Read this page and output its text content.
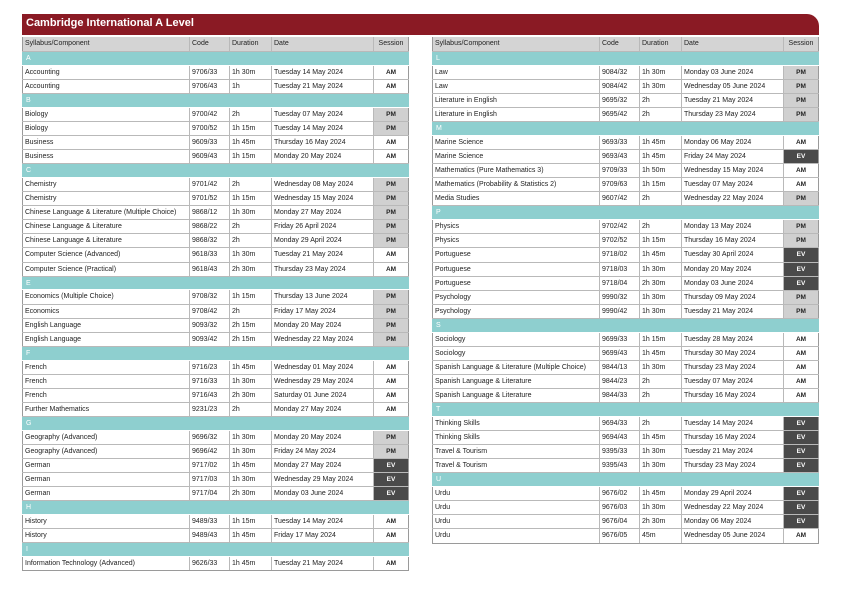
Cambridge International A Level
Syllabus/Component	Code	Duration	Date	Session
A
Accounting	9706/33	1h 30m	Tuesday 14 May 2024	AM
Accounting	9706/43	1h	Tuesday 21 May 2024	AM
B
Biology	9700/42	2h	Tuesday 07 May 2024	PM
Biology	9700/52	1h 15m	Tuesday 14 May 2024	PM
Business	9609/33	1h 45m	Thursday 16 May 2024	AM
Business	9609/43	1h 15m	Monday 20 May 2024	AM
C
Chemistry	9701/42	2h	Wednesday 08 May 2024	PM
Chemistry	9701/52	1h 15m	Wednesday 15 May 2024	PM
Chinese Language & Literature (Multiple Choice)	9868/12	1h 30m	Monday 27 May 2024	PM
Chinese Language & Literature	9868/22	2h	Friday 26 April 2024	PM
Chinese Language & Literature	9868/32	2h	Monday 29 April 2024	PM
Computer Science (Advanced)	9618/33	1h 30m	Tuesday 21 May 2024	AM
Computer Science (Practical)	9618/43	2h 30m	Thursday 23 May 2024	AM
E
Economics (Multiple Choice)	9708/32	1h 15m	Thursday 13 June 2024	PM
Economics	9708/42	2h	Friday 17 May 2024	PM
English Language	9093/32	2h 15m	Monday 20 May 2024	PM
English Language	9093/42	2h 15m	Wednesday 22 May 2024	PM
F
French	9716/23	1h 45m	Wednesday 01 May 2024	AM
French	9716/33	1h 30m	Wednesday 29 May 2024	AM
French	9716/43	2h 30m	Saturday 01 June 2024	AM
Further Mathematics	9231/23	2h	Monday 27 May 2024	AM
G
Geography (Advanced)	9696/32	1h 30m	Monday 20 May 2024	PM
Geography (Advanced)	9696/42	1h 30m	Friday 24 May 2024	PM
German	9717/02	1h 45m	Monday 27 May 2024	EV
German	9717/03	1h 30m	Wednesday 29 May 2024	EV
German	9717/04	2h 30m	Monday 03 June 2024	EV
H
History	9489/33	1h 15m	Tuesday 14 May 2024	AM
History	9489/43	1h 45m	Friday 17 May 2024	AM
I
Information Technology (Advanced)	9626/33	1h 45m	Tuesday 21 May 2024	AM
Syllabus/Component	Code	Duration	Date	Session
L
Law	9084/32	1h 30m	Monday 03 June 2024	PM
Law	9084/42	1h 30m	Wednesday 05 June 2024	PM
Literature in English	9695/32	2h	Tuesday 21 May 2024	PM
Literature in English	9695/42	2h	Thursday 23 May 2024	PM
M
Marine Science	9693/33	1h 45m	Monday 06 May 2024	AM
Marine Science	9693/43	1h 45m	Friday 24 May 2024	EV
Mathematics (Pure Mathematics 3)	9709/33	1h 50m	Wednesday 15 May 2024	AM
Mathematics (Probability & Statistics 2)	9709/63	1h 15m	Tuesday 07 May 2024	AM
Media Studies	9607/42	2h	Wednesday 22 May 2024	PM
P
Physics	9702/42	2h	Monday 13 May 2024	PM
Physics	9702/52	1h 15m	Thursday 16 May 2024	PM
Portuguese	9718/02	1h 45m	Tuesday 30 April 2024	EV
Portuguese	9718/03	1h 30m	Monday 20 May 2024	EV
Portuguese	9718/04	2h 30m	Monday 03 June 2024	EV
Psychology	9990/32	1h 30m	Thursday 09 May 2024	PM
Psychology	9990/42	1h 30m	Tuesday 21 May 2024	PM
S
Sociology	9699/33	1h 15m	Tuesday 28 May 2024	AM
Sociology	9699/43	1h 45m	Thursday 30 May 2024	AM
Spanish Language & Literature (Multiple Choice)	9844/13	1h 30m	Thursday 23 May 2024	AM
Spanish Language & Literature	9844/23	2h	Tuesday 07 May 2024	AM
Spanish Language & Literature	9844/33	2h	Thursday 16 May 2024	AM
T
Thinking Skills	9694/33	2h	Tuesday 14 May 2024	EV
Thinking Skills	9694/43	1h 45m	Thursday 16 May 2024	EV
Travel & Tourism	9395/33	1h 30m	Tuesday 21 May 2024	EV
Travel & Tourism	9395/43	1h 30m	Thursday 23 May 2024	EV
U
Urdu	9676/02	1h 45m	Monday 29 April 2024	EV
Urdu	9676/03	1h 30m	Wednesday 22 May 2024	EV
Urdu	9676/04	2h 30m	Monday 06 May 2024	EV
Urdu	9676/05	45m	Wednesday 05 June 2024	AM
